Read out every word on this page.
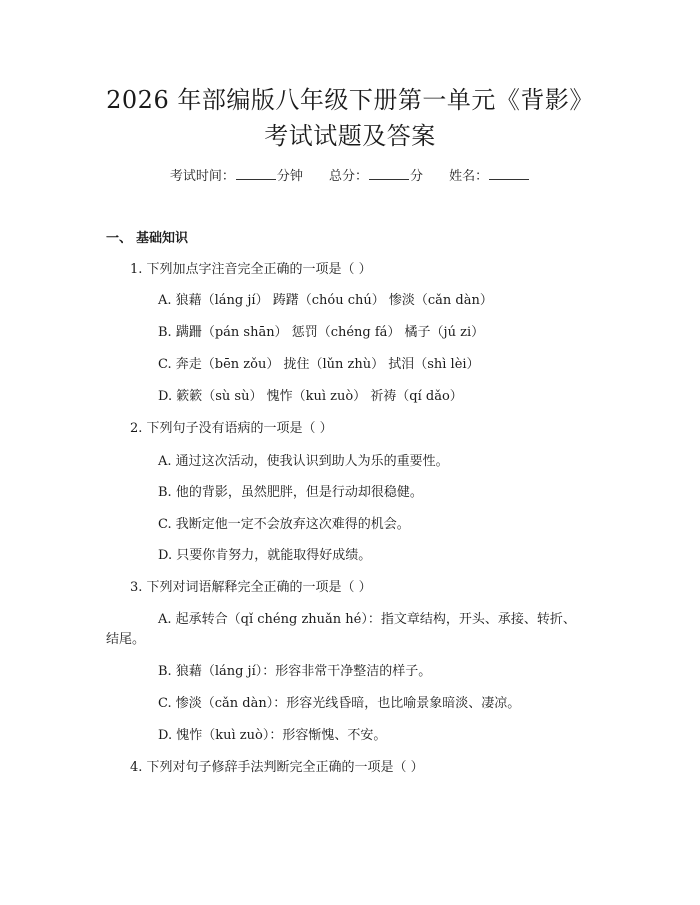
2026 年部编版八年级下册第一单元《背影》
考试试题及答案
考试时间：	分钟 总分：	分 姓名：
一、 基础知识
1. 下列加点字注音完全正确的一项是（ ）
A. 狼藉（láng jí） 踌躇（chóu chú） 惨淡（cǎn dàn）
B. 蹒跚（pán shān） 惩罚（chéng fá） 橘子（jú zi）
C. 奔走（bēn zǒu） 拢住（lǔn zhù） 拭泪（shì lèi）
D. 簌簌（sù sù） 愧怍（kuì zuò） 祈祷（qí dǎo）
2. 下列句子没有语病的一项是（ ）
A. 通过这次活动，使我认识到助人为乐的重要性。
B. 他的背影，虽然肥胖，但是行动却很稳健。
C. 我断定他一定不会放弃这次难得的机会。
D. 只要你肯努力，就能取得好成绩。
3. 下列对词语解释完全正确的一项是（ ）
A. 起承转合（qǐ chéng zhuǎn hé）：指文章结构，开头、承接、转折、
结尾。
B. 狼藉（láng jí）：形容非常干净整洁的样子。
C. 惨淡（cǎn dàn）：形容光线昏暗，也比喻景象暗淡、凄凉。
D. 愧怍（kuì zuò）：形容惭愧、不安。
4. 下列对句子修辞手法判断完全正确的一项是（ ）
